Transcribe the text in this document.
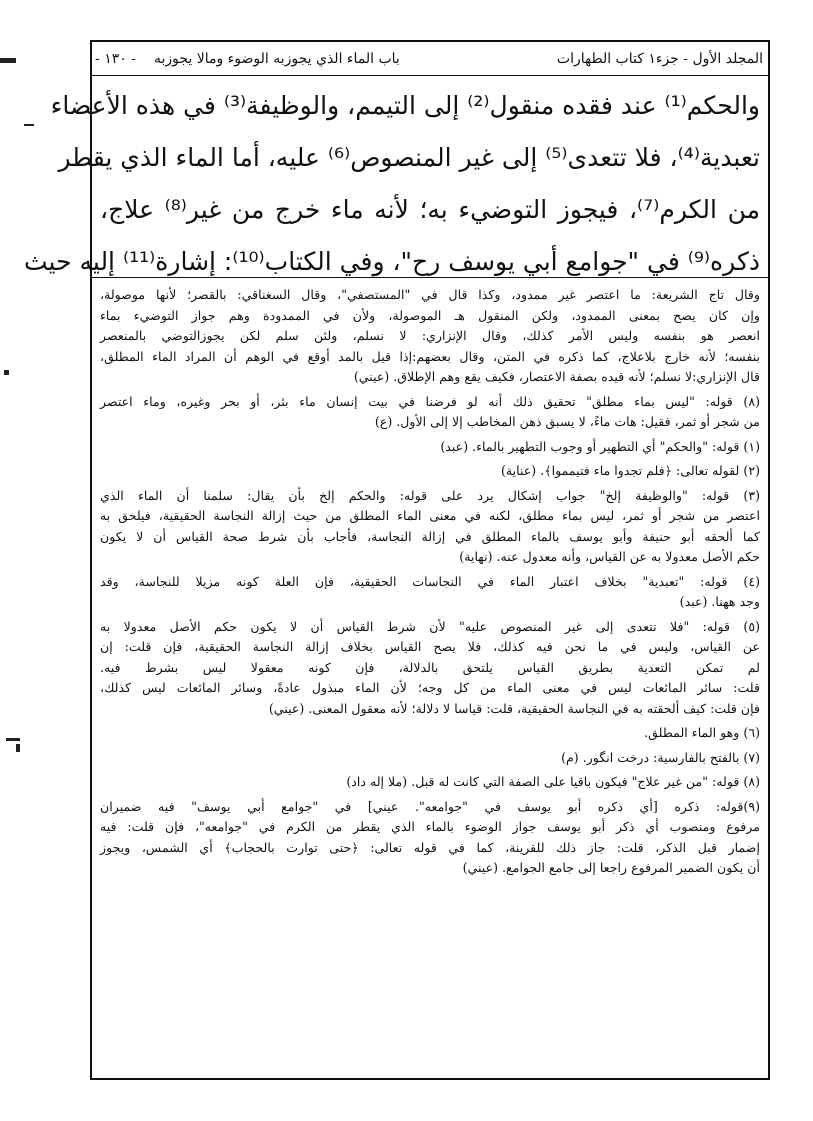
المجلد الأول - جزء١ كتاب الطهارات
باب الماء الذي يجوزبه الوضوء ومالا يجوزبه
- ١٣٠ -
والحكم⁽¹⁾ عند فقده منقول⁽²⁾ إلى التيمم، والوظيفة⁽³⁾ في هذه الأعضاء
تعبدية⁽⁴⁾، فلا تتعدى⁽⁵⁾ إلى غير المنصوص⁽⁶⁾ عليه، أما الماء الذي يقطر
من الكرم⁽⁷⁾، فيجوز التوضيء به؛ لأنه ماء خرج من غير⁽⁸⁾ علاج،
ذكره⁽⁹⁾ في "جوامع أبي يوسف رح"، وفي الكتاب⁽¹⁰⁾: إشارة⁽¹¹⁾ إليه حيث

وقال تاج الشريعة: ما اعتصر غير ممدود، وكذا قال في "المستصفي"، وقال السغناقي: بالقصر؛ لأنها موصولة،

وإن كان يصح بمعنى الممدود، ولكن المنقول هـ الموصولة، ولأن في الممدودة وهم جواز التوضيء بماء

انعصر هو بنفسه وليس الأمر كذلك، وقال الإنزاري: لا نسلم، ولئن سلم لكن يجوزالتوضي بالمنعصر

بنفسه؛ لأنه خارج بلاعلاج، كما ذكره في المتن، وقال بعضهم:إذا قيل بالمد أوقع في الوهم أن المراد الماء المطلق،

قال الإنزاري:لا نسلم؛ لأنه قيده بصفة الاعتصار، فكيف يقع وهم الإطلاق. (عيني)

(٨) قوله: "ليس بماء مطلق" تحقيق ذلك أنه لو فرضنا في بيت إنسان ماء بئر، أو بحر وغيره، وماء اعتصر

من شجر أو ثمر، فقيل: هات ماءً، لا يسبق ذهن المخاطب إلا إلى الأول. (ع)

(١) قوله: "والحكم" أي التطهير أو وجوب التطهير بالماء. (عبد)

(٢) لقوله تعالى: ﴿فلم تجدوا ماء فتيمموا﴾. (عناية)

(٣) قوله: "والوظيفة إلخ" جواب إشكال يرد على قوله: والحكم إلخ بأن يقال: سلمنا أن الماء الذي

اعتصر من شجر أو ثمر، ليس بماء مطلق، لكنه في معنى الماء المطلق من حيث إزالة النجاسة الحقيقية، فيلحق به

كما ألحقه أبو حنيفة وأبو يوسف بالماء المطلق في إزالة النجاسة، فأجاب بأن شرط صحة القياس أن لا يكون

حكم الأصل معدولا به عن القياس، وأنه معدول عنه. (نهاية)

(٤) قوله: "تعبدية" بخلاف اعتبار الماء في النجاسات الحقيقية، فإن العلة كونه مزيلا للنجاسة، وقد

وجد ههنا. (عبد)

(٥) قوله: "فلا تتعدى إلى غير المنصوص عليه" لأن شرط القياس أن لا يكون حكم الأصل معدولا به

عن القياس، وليس في ما نحن فيه كذلك، فلا يصح القياس بخلاف إزالة النجاسة الحقيقية، فإن قلت: إن

لم تمكن التعدية بطريق القياس يلتحق بالدلالة، فإن كونه معقولا ليس بشرط فيه.

قلت: سائر المائعات ليس في معنى الماء من كل وجه؛ لأن الماء مبذول عادةً، وسائر المائعات ليس كذلك،

فإن قلت: كيف ألحقته به في النجاسة الحقيقية، قلت: قياسا لا دلالة؛ لأنه معقول المعنى. (عيني)

(٦) وهو الماء المطلق.

(٧) بالفتح بالفارسية: درخت انگور. (م)

(٨) قوله: "من غير علاج" فيكون باقيا على الصفة التي كانت له قبل. (ملا إله داد)

(٩)قوله: ذكره [أي ذكره أبو يوسف في "جوامعه". عيني] في "جوامع أبي يوسف" فيه ضميران

مرفوع ومنصوب أي ذكر أبو يوسف جواز الوضوء بالماء الذي يقطر من الكرم في "جوامعه"، فإن قلت: فيه

إضمار قبل الذكر، قلت: جاز ذلك للقرينة، كما في قوله تعالى: ﴿حتى توارت بالحجاب﴾ أي الشمس، ويجوز

أن يكون الضمير المرفوع راجعا إلى جامع الجوامع. (عيني)
